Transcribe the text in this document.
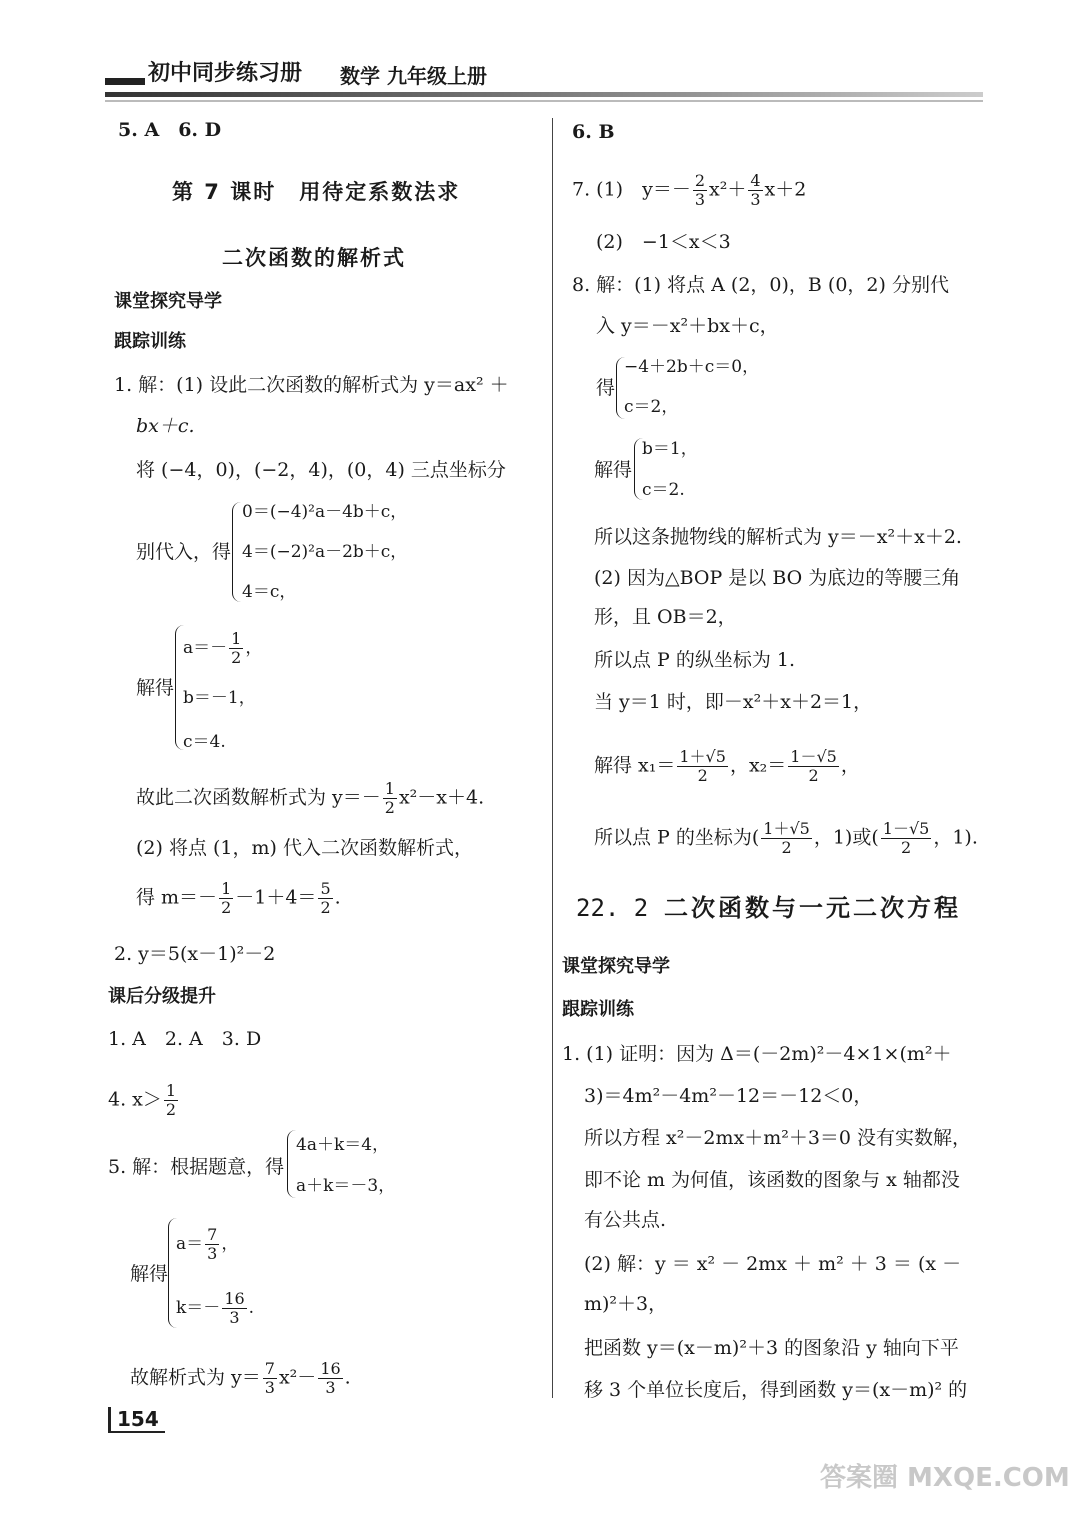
初中同步练习册 数学 九年级上册
5. A　6. D
第 7 课时　用待定系数法求
二次函数的解析式
课堂探究导学
跟踪训练
1. 解：(1) 设此二次函数的解析式为 y＝ax² ＋
bx＋c.
将 (−4，0)，(−2，4)，(0，4) 三点坐标分
别代入，得
0＝(−4)²a－4b＋c，
4＝(−2)²a－2b＋c，
4＝c，
解得
$a=- \frac{1}{2}$ ，
b＝－1，
c＝4.
故此二次函数解析式为 $y=- \frac{1}{2} x^2-x+4$.
(2) 将点 (1，m) 代入二次函数解析式，
得 $m=- \frac{1}{2} -1+4= \frac{5}{2}$ .
2. y＝5(x－1)²－2
课后分级提升
1. A　2. A　3. D
4. $x> \frac{1}{2}$
5. 解：根据题意，得
4a＋k＝4，
a＋k＝－3，
解得
$a= \frac{7}{3}$ ，
$k=- \frac{16}{3}$ .
故解析式为 $y= \frac{7}{3} x^2- \frac{16}{3}$ .
154
6. B
7. (1)　$y=- \frac{2}{3} x^2+ \frac{4}{3} x+2$
(2)　−1＜x＜3
8. 解：(1) 将点 A (2，0)，B (0，2) 分别代
入 y＝－x²＋bx＋c，
得
−4＋2b＋c＝0，
c＝2，
解得
b＝1，
c＝2.
所以这条抛物线的解析式为 y＝－x²＋x＋2.
(2) 因为△BOP 是以 BO 为底边的等腰三角
形，且 OB＝2，
所以点 P 的纵坐标为 1.
当 y＝1 时，即－x²＋x＋2＝1，
解得 $x_1= \frac{1+√5}{2}$ ，$x_2= \frac{1-√5}{2}$ ，
所以点 P 的坐标为( $\frac{1+√5}{2}$ ，1)或( $\frac{1-√5}{2}$ ，1).
22. 2 二次函数与一元二次方程
课堂探究导学
跟踪训练
1. (1) 证明：因为 Δ＝(－2m)²－4×1×(m²＋
3)＝4m²－4m²－12＝－12＜0，
所以方程 x²－2mx＋m²＋3＝0 没有实数解，
即不论 m 为何值，该函数的图象与 x 轴都没
有公共点.
(2) 解：y ＝ x² － 2mx ＋ m² ＋ 3 ＝ (x －
m)²＋3，
把函数 y＝(x－m)²＋3 的图象沿 y 轴向下平
移 3 个单位长度后，得到函数 y＝(x－m)² 的
答案圈 MXQE.COM
